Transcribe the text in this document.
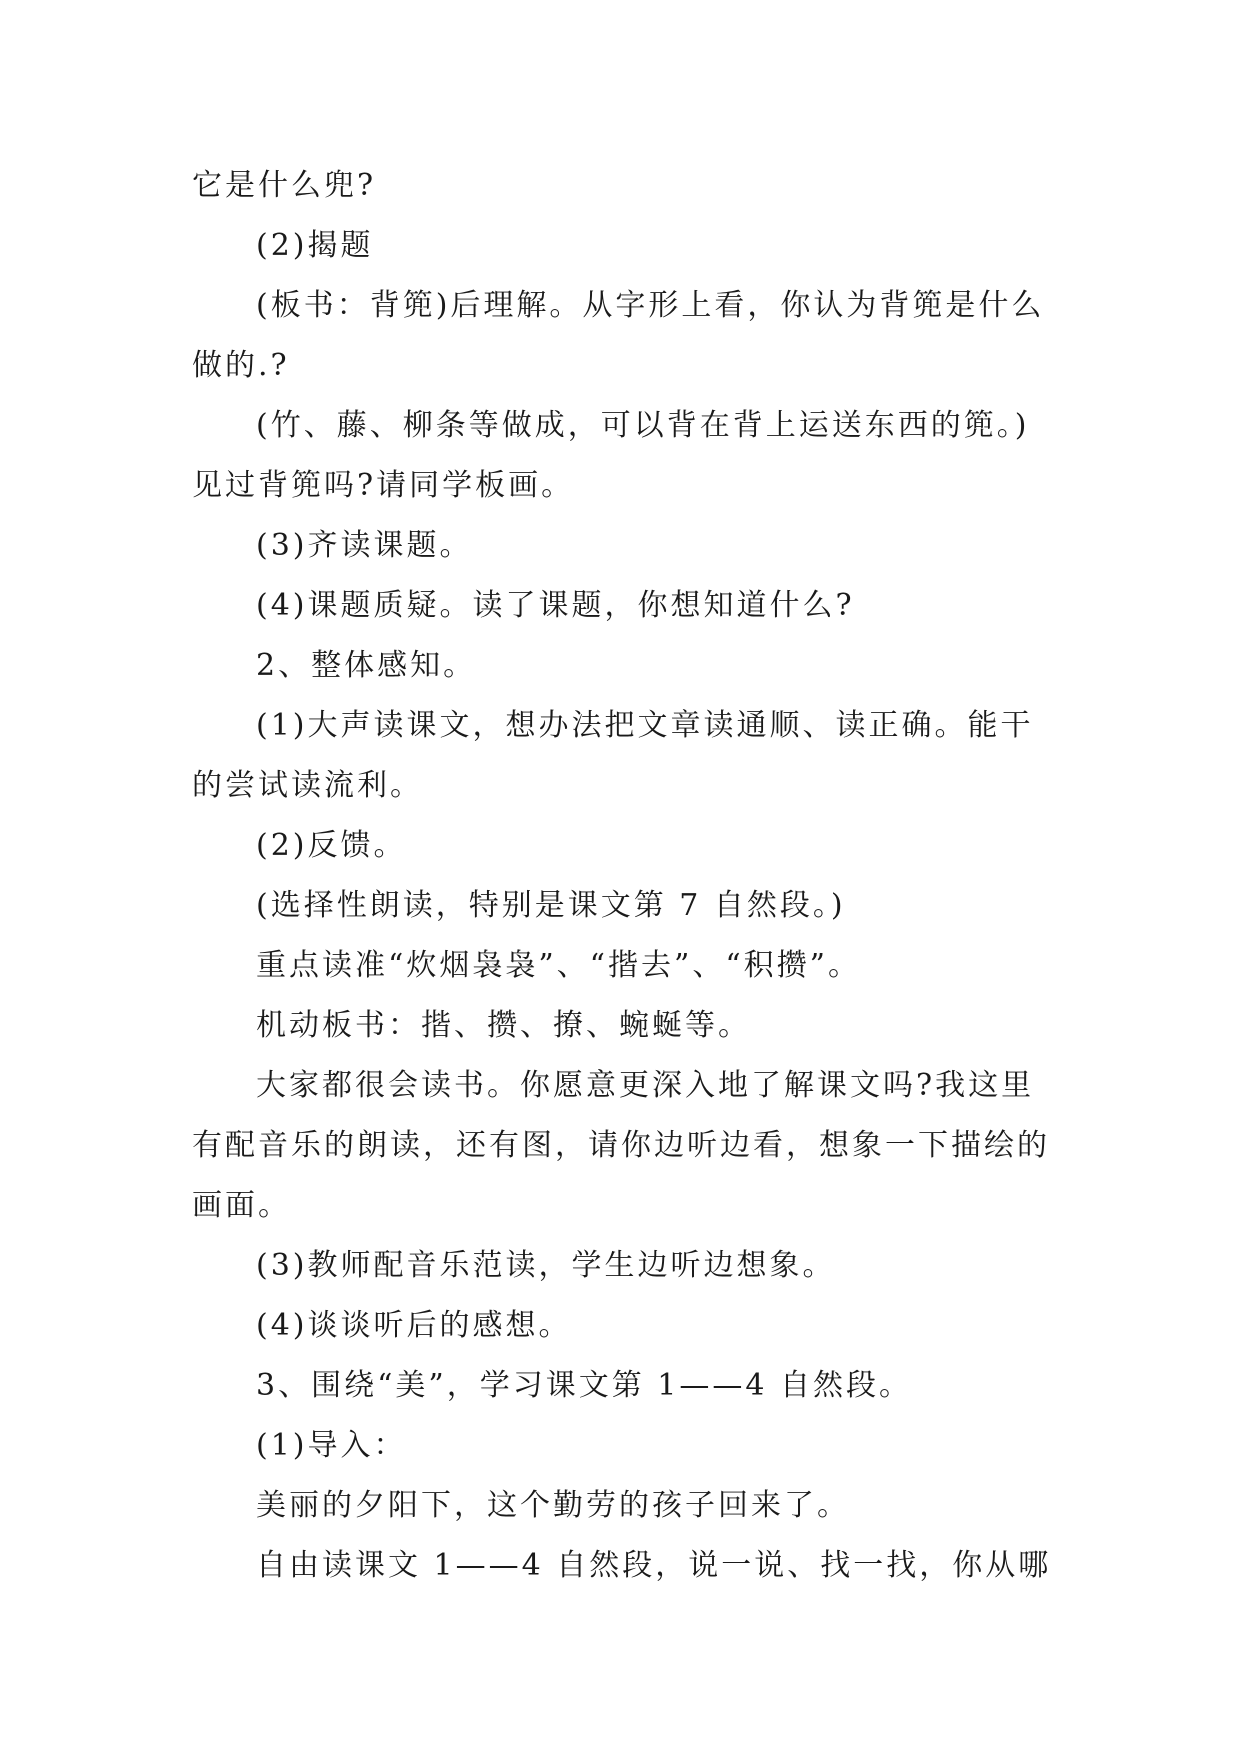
它是什么兜?
(2)揭题
(板书：背篼)后理解。从字形上看，你认为背篼是什么
做的.?
(竹、藤、柳条等做成，可以背在背上运送东西的篼。)
见过背篼吗?请同学板画。
(3)齐读课题。
(4)课题质疑。读了课题，你想知道什么?
2、整体感知。
(1)大声读课文，想办法把文章读通顺、读正确。能干
的尝试读流利。
(2)反馈。
(选择性朗读，特别是课文第 7 自然段。)
重点读准“炊烟袅袅”、“揩去”、“积攒”。
机动板书：揩、攒、撩、蜿蜒等。
大家都很会读书。你愿意更深入地了解课文吗?我这里
有配音乐的朗读，还有图，请你边听边看，想象一下描绘的
画面。
(3)教师配音乐范读，学生边听边想象。
(4)谈谈听后的感想。
3、围绕“美”，学习课文第 1——4 自然段。
(1)导入：
美丽的夕阳下，这个勤劳的孩子回来了。
自由读课文 1——4 自然段，说一说、找一找，你从哪
